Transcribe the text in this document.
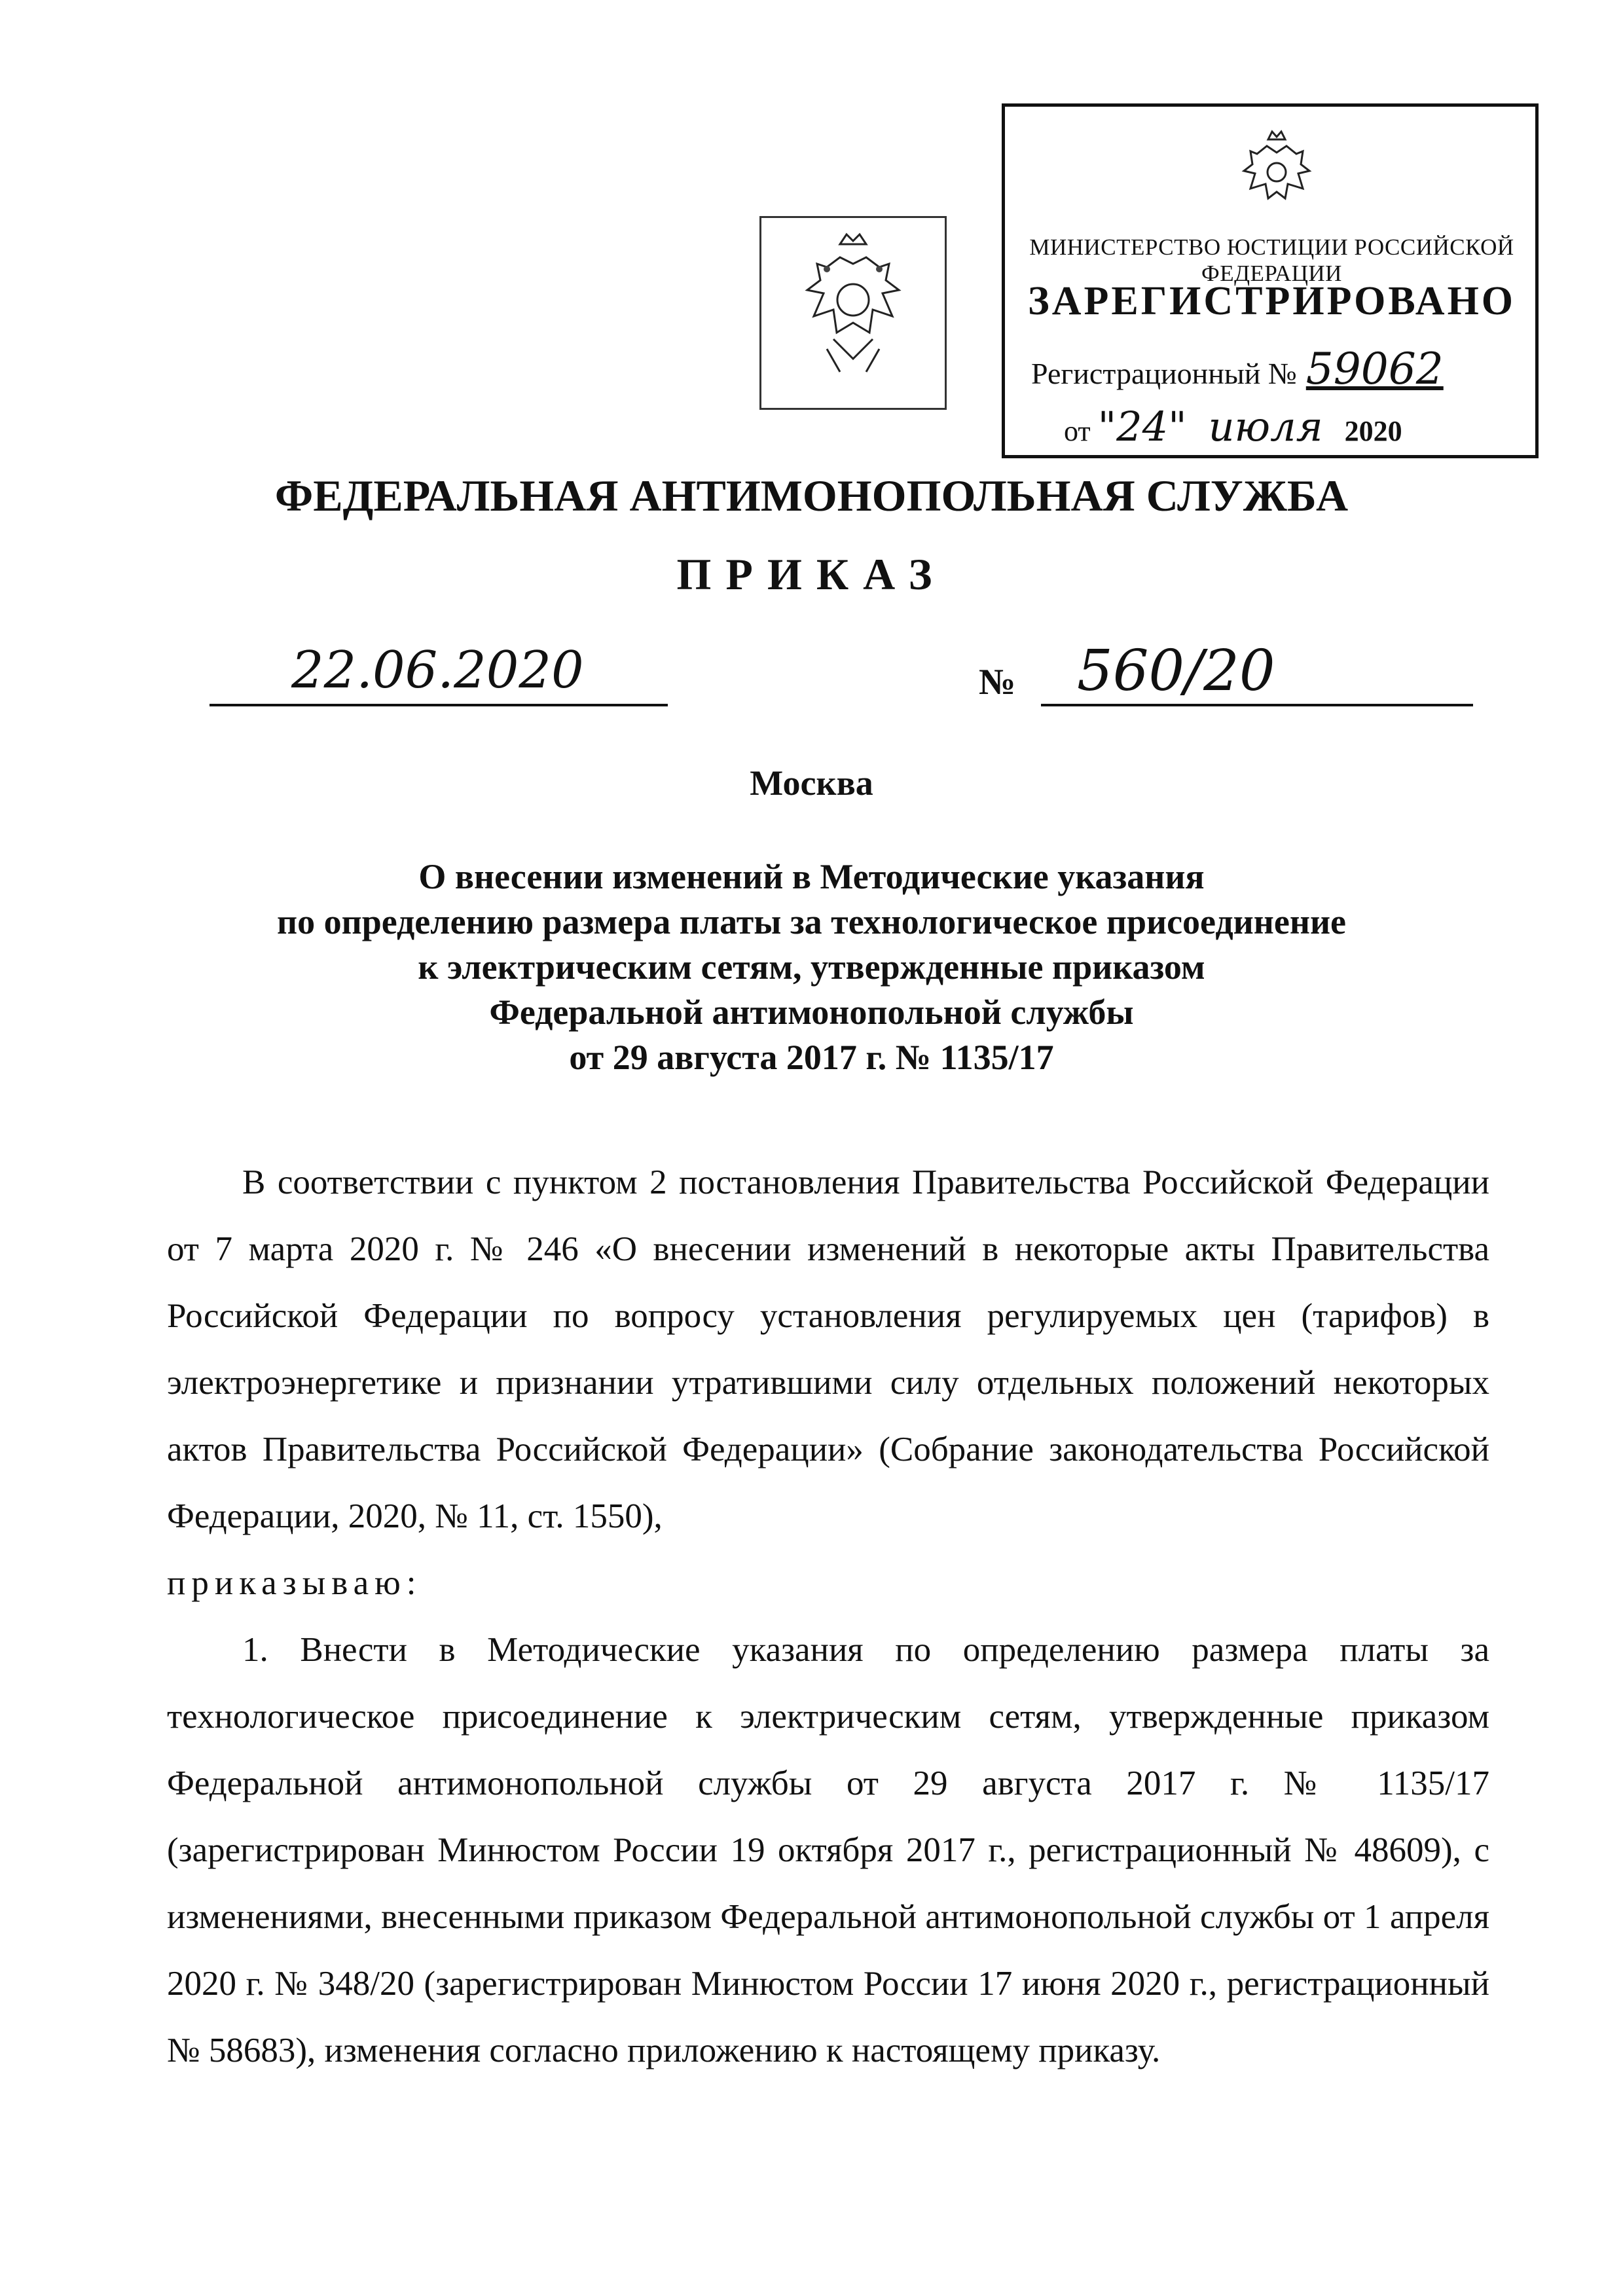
МИНИСТЕРСТВО ЮСТИЦИИ РОССИЙСКОЙ ФЕДЕРАЦИИ
ЗАРЕГИСТРИРОВАНО
Регистрационный № 59062
от "24" июля 2020
ФЕДЕРАЛЬНАЯ АНТИМОНОПОЛЬНАЯ СЛУЖБА
ПРИКАЗ
22.06.2020	№ 560/20
Москва
О внесении изменений в Методические указания
по определению размера платы за технологическое присоединение
к электрическим сетям, утвержденные приказом
Федеральной антимонопольной службы
от 29 августа 2017 г. № 1135/17

В соответствии с пунктом 2 постановления Правительства Российской Федерации от 7 марта 2020 г. № 246 «О внесении изменений в некоторые акты Правительства Российской Федерации по вопросу установления регулируемых цен (тарифов) в электроэнергетике и признании утратившими силу отдельных положений некоторых актов Правительства Российской Федерации» (Собрание законодательства Российской Федерации, 2020, № 11, ст. 1550),

приказываю:

1. Внести в Методические указания по определению размера платы за технологическое присоединение к электрическим сетям, утвержденные приказом Федеральной антимонопольной службы от 29 августа 2017 г. № 1135/17 (зарегистрирован Минюстом России 19 октября 2017 г., регистрационный № 48609), с изменениями, внесенными приказом Федеральной антимонопольной службы от 1 апреля 2020 г. № 348/20 (зарегистрирован Минюстом России 17 июня 2020 г., регистрационный № 58683), изменения согласно приложению к настоящему приказу.
